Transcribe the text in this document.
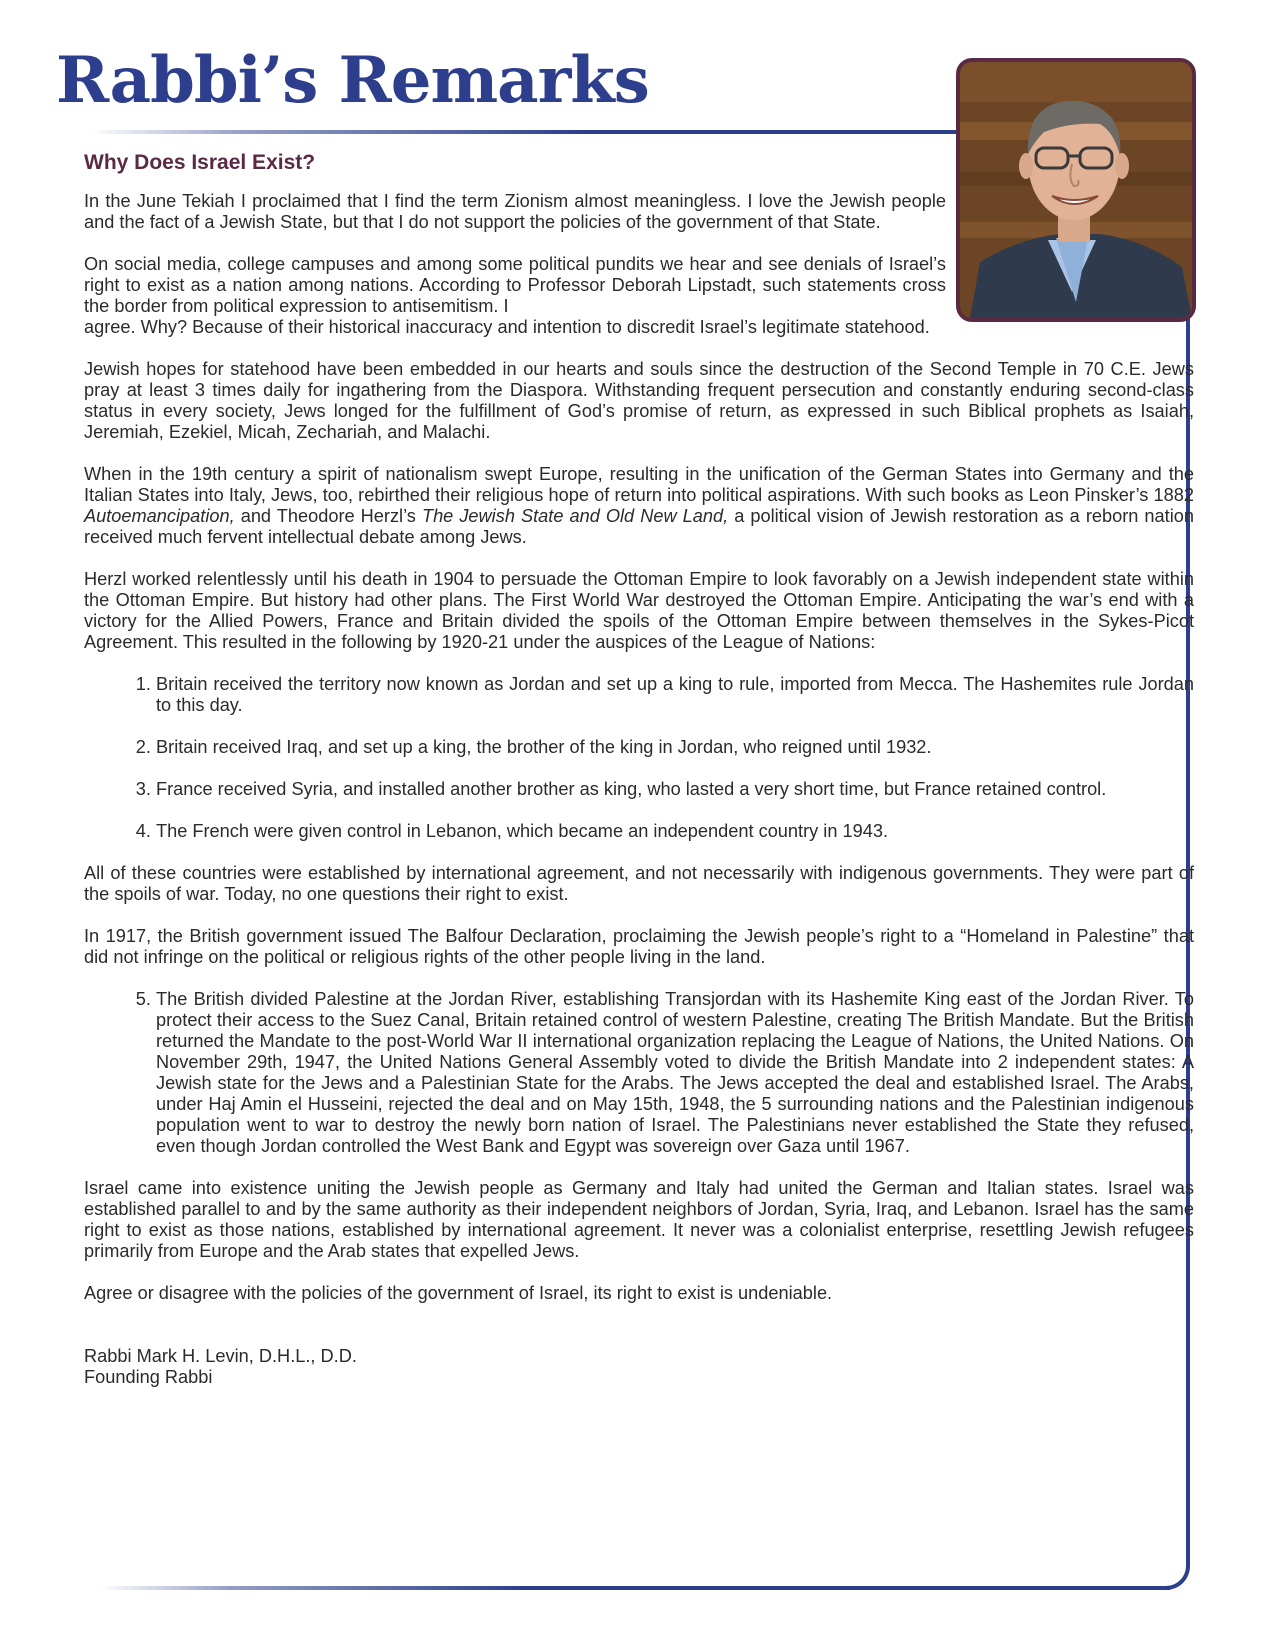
Rabbi’s Remarks
Why Does Israel Exist?

In the June Tekiah I proclaimed that I find the term Zionism almost meaningless. I love the Jewish people and the fact of a Jewish State, but that I do not support the policies of the government of that State.

On social media, college campuses and among some political pundits we hear and see denials of Israel’s right to exist as a nation among nations. According to Professor Deborah Lipstadt, such statements cross the border from political expression to antisemitism. I
agree. Why? Because of their historical inaccuracy and intention to discredit Israel’s legitimate statehood.

Jewish hopes for statehood have been embedded in our hearts and souls since the destruction of the Second Temple in 70 C.E. Jews pray at least 3 times daily for ingathering from the Diaspora. Withstanding frequent persecution and constantly enduring second-class status in every society, Jews longed for the fulfillment of God’s promise of return, as expressed in such Biblical prophets as Isaiah, Jeremiah, Ezekiel, Micah, Zechariah, and Malachi.

When in the 19th century a spirit of nationalism swept Europe, resulting in the unification of the German States into Germany and the Italian States into Italy, Jews, too, rebirthed their religious hope of return into political aspirations. With such books as Leon Pinsker’s 1882 Autoemancipation, and Theodore Herzl’s The Jewish State and Old New Land, a political vision of Jewish restoration as a reborn nation received much fervent intellectual debate among Jews.

Herzl worked relentlessly until his death in 1904 to persuade the Ottoman Empire to look favorably on a Jewish independent state within the Ottoman Empire. But history had other plans. The First World War destroyed the Ottoman Empire. Anticipating the war’s end with a victory for the Allied Powers, France and Britain divided the spoils of the Ottoman Empire between themselves in the Sykes-Picot Agreement. This resulted in the following by 1920-21 under the auspices of the League of Nations:

1. Britain received the territory now known as Jordan and set up a king to rule, imported from Mecca. The Hashemites rule Jordan to this day.
2. Britain received Iraq, and set up a king, the brother of the king in Jordan, who reigned until 1932.
3. France received Syria, and installed another brother as king, who lasted a very short time, but France retained control.
4. The French were given control in Lebanon, which became an independent country in 1943.

All of these countries were established by international agreement, and not necessarily with indigenous governments. They were part of the spoils of war. Today, no one questions their right to exist.

In 1917, the British government issued The Balfour Declaration, proclaiming the Jewish people’s right to a “Homeland in Palestine” that did not infringe on the political or religious rights of the other people living in the land.

5. The British divided Palestine at the Jordan River, establishing Transjordan with its Hashemite King east of the Jordan River. To protect their access to the Suez Canal, Britain retained control of western Palestine, creating The British Mandate. But the British returned the Mandate to the post-World War II international organization replacing the League of Nations, the United Nations. On November 29th, 1947, the United Nations General Assembly voted to divide the British Mandate into 2 independent states: A Jewish state for the Jews and a Palestinian State for the Arabs. The Jews accepted the deal and established Israel. The Arabs, under Haj Amin el Husseini, rejected the deal and on May 15th, 1948, the 5 surrounding nations and the Palestinian indigenous population went to war to destroy the newly born nation of Israel. The Palestinians never established the State they refused, even though Jordan controlled the West Bank and Egypt was sovereign over Gaza until 1967.

Israel came into existence uniting the Jewish people as Germany and Italy had united the German and Italian states. Israel was established parallel to and by the same authority as their independent neighbors of Jordan, Syria, Iraq, and Lebanon. Israel has the same right to exist as those nations, established by international agreement. It never was a colonialist enterprise, resettling Jewish refugees primarily from Europe and the Arab states that expelled Jews.

Agree or disagree with the policies of the government of Israel, its right to exist is undeniable.

Rabbi Mark H. Levin, D.H.L., D.D.
Founding Rabbi
